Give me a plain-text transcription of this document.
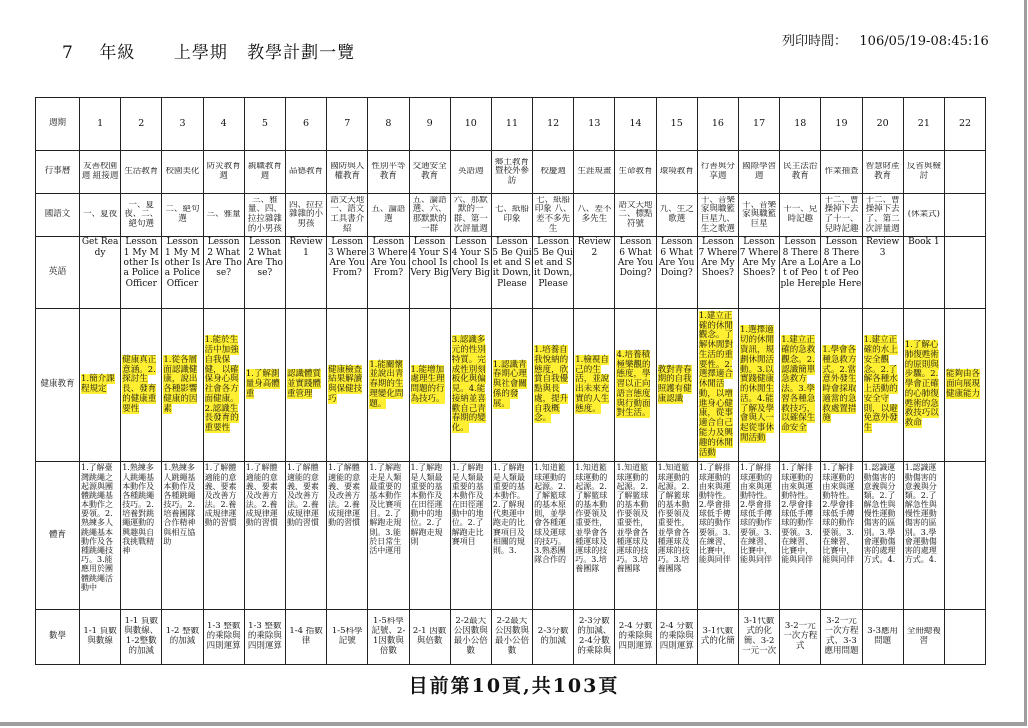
7    年級      上學期   教學計劃一覽
列印時間：   106/05/19-08:45:16
週期	1	2	3	4	5	6	7	8	9	10	11	12	13	14	15	16	17	18	19	20	21	22

行事曆	友善校園週 組接週	生活教育	校園美化	防災教育週	親職教育週	品德教育	國防與人權教育	性別平等教育	交通安全教育	英語週	鄉土教育暨校外參訪	校慶週	生涯規畫	生命教育	環境教育	行善與分享週	國際學習週	民主法治教育	作業抽查	智慧財產教育	反省與檢討	

國語文	一、夏夜	一、夏夜、二、絕句選	二、絕句選	三、雅量	三、雅量、四、拉拉雜雜的小男孩	四、拉拉雜雜的小男孩	語文天地一、語文工具書介紹	五、論語選	五、論語選、六、那默默的一群	六、那默默的一群、第一次評量週	七、紙船印象	七、紙船印象 八、差不多先生	八、差不多先生	語文天地二、標點符號	九、生之歌選	十、音樂家與職籃巨星九、生之歌選	十、音樂家與職籃巨星	十一、兒時記趣	十二、曹操掉下去了十一、兒時記趣	十二、曹操掉下去了、第二次評量週	(休業式)	

英語	Get Ready	Lesson 1 My Mother Is a Police Officer	Lesson 1 My Mother Is a Police Officer	Lesson 2 What Are Those?	Lesson 2 What Are Those?	Review 1	Lesson 3 Where Are You From?	Lesson 3 Where Are You From?	Lesson 4 Your School Is Very Big	Lesson 4 Your School Is Very Big	Lesson 5 Be Quiet and Sit Down, Please	Lesson 5 Be Quiet and Sit Down, Please	Review 2	Lesson 6 What Are You Doing?	Lesson 6 What Are You Doing?	Lesson 7 Where Are My Shoes?	Lesson 7 Where Are My Shoes?	Lesson 8 There Are a Lot of People Here	Lesson 8 There Are a Lot of People Here	Review 3	Book 1	

健康教育	1.簡介課程規定	健康真正意涵。2.探討生長、發育的健康重要性	1.從各層面認識健康，說出各種影響健康的因素	1.能於生活中加強自我保健，以確保身心與社會各方面健康。2.認識生長發育的重要性	1.了解測量身高體重	認識體質並實踐體重管理	健康檢查結果解讀與保健技巧	1.能關懷並說出青春期的生理變化問題。	1.能增加處理生理問題的行為技巧。	3.認識多元的性別特質。完成性別刻板化與偏見。4.能接納並喜歡自己青春期的變化。	1.認識青春期心理與社會關係的發展。	1.培養自我悅納的態度，欣賞自我優點與長處，提升自我概念。	1.檢視自己的生活，並說出未來充實的人生態度。	4.培養積極樂觀的態度，學習以正向語言態度與行動面對生活。	教對青春期的自我照護有健康認識	1.建立正確的休閒觀念。了解休閒對生活的重要性。2.選擇適合休閒活動，以增進身心健康，從事適合自己能力及興趣的休閒活動	1.選擇適切的休閒資訊，規劃休閒活動。3.以實踐健康的休閒生活。4.能了解及學會與人一起從事休閒活動	1.建立正確的急救觀念。2.認識簡單急救方法。3.學習各種急救技巧，以確保生命安全	1.學會各種急救方式。2.當意外發生時會採取適當的急救處置措施	1.建立正確的水上安全觀念。2.了解各種水上活動的安全守則，以避免意外發生	1.了解心肺復甦術的原則與步驟。2.學會正確的心肺復甦術的急救技巧以救命	能夠由各面向展現健康能力
體育	1.了解臺灣跳繩之起源與團體跳繩基本動作之要領。2.熟練多人跳繩基本動作及各種跳繩技巧。3.能應用於團體跳繩活動中	1.熟練多人跳繩基本動作及各種跳繩技巧。2.培養對跳繩運動的興趣與自我挑戰精神	1.熟練多人跳繩基本動作及各種跳繩技巧。2.培養團隊合作精神與相互協助	1.了解體適能的意義、要素及改善方法。2.養成規律運動的習慣	1.了解體適能的意義、要素及改善方法。2.養成規律運動的習慣	1.了解體適能的意義、要素及改善方法。2.養成規律運動的習慣	1.了解體適能的意義、要素及改善方法。2.養成規律運動的習慣	1.了解跑走是人類最重要的基本動作及比賽項目。2.了解跑走規則。3.能於日常生活中運用	1.了解跑是人類最重要的基本動作及在田徑運動中的地位。2.了解跑走規則	1.了解跑是人類最重要的基本動作及在田徑運動中的地位。2.了解跑走比賽項目	1.了解跑是人類最重要的基本動作。2.了解現代奧運中跑走的比賽項目及相關的規則。3.	1.知道籃球運動的起源。2.了解籃球的基本原則，並學會各種運球及運球的技巧。3.熟悉團隊合作的	1.知道籃球運動的起源。2.了解籃球的基本動作要領及重要性，並學會各種運球及運球的技巧。3.培養團隊	1.知道籃球運動的起源。2.了解籃球的基本動作要領及重要性，並學會各種運球及運球的技巧。3.培養團隊	1.知道籃球運動的起源。2.了解籃球的基本動作要領及重要性，並學會各種運球及運球的技巧。3.培養團隊	1.了解排球運動的由來與運動特性。2.學會排球低手傳球的動作要領。3.在練習、比賽中，能與同伴	1.了解排球運動的由來與運動特性。2.學會排球低手傳球的動作要領。3.在練習、比賽中，能與同伴	1.了解排球運動的由來與運動特性。2.學會排球低手傳球的動作要領。3.在練習、比賽中，能與同伴	1.了解排球運動的由來與運動特性。2.學會排球低手傳球的動作要領。3.在練習、比賽中，能與同伴	1.認識運動傷害的意義與分類。2.了解急性與慢性運動傷害的區別。3.學會運動傷害的處理方式。4.	1.認識運動傷害的意義與分類。2.了解急性與慢性運動傷害的區別。3.學會運動傷害的處理方式。4.	

數學	1-1 負數與數線	1-1 負數與數線、1-2整數的加減	1-2 整數的加減	1-3 整數的乘除與四則運算	1-3 整數的乘除與四則運算	1-4 指數律	1-5科學記號	1-5科學記號、2-1因數與倍數	2-1 因數與倍數	2-2最大公因數與最小公倍數	2-2最大公因數與最小公倍數	2-3分數的加減	2-3分數的加減、2-4分數的乘除與	2-4 分數的乘除與四則運算	2-4 分數的乘除與四則運算	3-1代數式的化簡	3-1代數式的化簡、3-2一元一次	3-2一元一次方程式	3-2一元一次方程式、3-3應用問題	3-3應用問題	全冊總複習	

目前第10頁,共103頁
